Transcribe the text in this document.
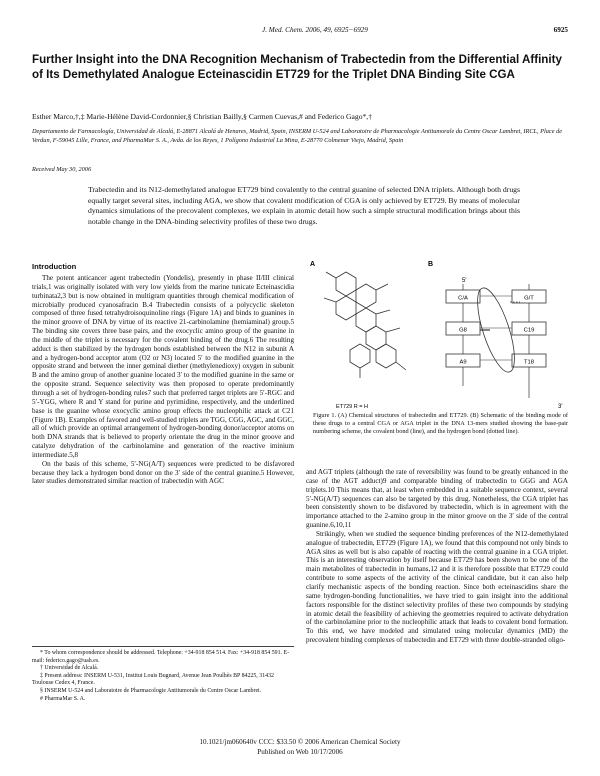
J. Med. Chem. 2006, 49, 6925−6929	6925
Further Insight into the DNA Recognition Mechanism of Trabectedin from the Differential Affinity of Its Demethylated Analogue Ecteinascidin ET729 for the Triplet DNA Binding Site CGA
Esther Marco,†,‡ Marie-Hélène David-Cordonnier,§ Christian Bailly,§ Carmen Cuevas,# and Federico Gago*,†
Departamento de Farmacología, Universidad de Alcalá, E-28871 Alcalá de Henares, Madrid, Spain, INSERM U-524 and Laboratoire de Pharmacologie Antitumorale du Centre Oscar Lambret, IRCL, Place de Verdun, F-59045 Lille, France, and PharmaMar S. A., Avda. de los Reyes, 1 Polígono Industrial La Mina, E-28770 Colmenar Viejo, Madrid, Spain
Received May 30, 2006
Trabectedin and its N12-demethylated analogue ET729 bind covalently to the central guanine of selected DNA triplets. Although both drugs equally target several sites, including AGA, we show that covalent modification of CGA is only achieved by ET729. By means of molecular dynamics simulations of the precovalent complexes, we explain in atomic detail how such a simple structural modification brings about this notable change in the DNA-binding selectivity profiles of these two drugs.
Introduction

The potent anticancer agent trabectedin (Yondelis), presently in phase II/III clinical trials,1 was originally isolated with very low yields from the marine tunicate Ecteinascidia turbinata2,3 but is now obtained in multigram quantities through chemical modification of microbially produced cyanosafracin B.4 Trabectedin consists of a polycyclic skeleton composed of three fused tetrahydroisoquinoline rings (Figure 1A) and binds to guanines in the minor groove of DNA by virtue of its reactive 21-carbinolamine (hemiaminal) group.5 The binding site covers three base pairs, and the exocyclic amino group of the guanine in the middle of the triplet is necessary for the covalent binding of the drug.6 The resulting adduct is then stabilized by the hydrogen bonds established between the N12 in subunit A and a hydrogen-bond acceptor atom (O2 or N3) located 5′ to the modified guanine in the opposite strand and between the inner geminal diether (methylenedioxy) oxygen in subunit B and the amino group of another guanine located 3′ to the modified guanine in the same or the opposite strand. Sequence selectivity was then proposed to operate predominantly through a set of hydrogen-bonding rules7 such that preferred target triplets are 5′-RGC and 5′-YGG, where R and Y stand for purine and pyrimidine, respectively, and the underlined base is the guanine whose exocyclic amino group effects the nucleophilic attack at C21 (Figure 1B). Examples of favored and well-studied triplets are TGG, CGG, AGC, and GGC, all of which provide an optimal arrangement of hydrogen-bonding donor/acceptor atoms on both DNA strands that is believed to properly orientate the drug in the minor groove and catalyze dehydration of the carbinolamine and generation of the reactive iminium intermediate.5,8

On the basis of this scheme, 5′-NG(A/T) sequences were predicted to be disfavored because they lack a hydrogen bond donor on the 3′ side of the central guanine.5 However, later studies demonstrated similar reaction of trabectedin with AGC

* To whom correspondence should be addressed. Telephone: +34-918 854 514. Fax: +34-918 854 591. E-mail: federico.gago@uah.es.
† Universidad de Alcalá.
‡ Present address: INSERM U-531, Institut Louis Bugnard, Avenue Jean Poulhès BP 84225, 31432 Toulouse Cedex 4, France.
§ INSERM U-524 and Laboratoire de Pharmacologie Antitumorale du Centre Oscar Lambret.
# PharmaMar S. A.
A	B
ET729 R = H
5′
3′
C/A	G/T
G8	C19
A9	T18
Figure 1. (A) Chemical structures of trabectedin and ET729. (B) Schematic of the binding mode of these drugs to a central CGA or AGA triplet in the DNA 13-mers studied showing the base-pair numbering scheme, the covalent bond (line), and the hydrogen bond (dotted line).

and AGT triplets (although the rate of reversibility was found to be greatly enhanced in the case of the AGT adduct)9 and comparable binding of trabectedin to GGG and AGA triplets.10 This means that, at least when embedded in a suitable sequence context, several 5′-NG(A/T) sequences can also be targeted by this drug. Nonetheless, the CGA triplet has been consistently shown to be disfavored by trabectedin, which is in agreement with the importance attached to the 2-amino group in the minor groove on the 3′ side of the central guanine.6,10,11

Strikingly, when we studied the sequence binding preferences of the N12-demethylated analogue of trabectedin, ET729 (Figure 1A), we found that this compound not only binds to AGA sites as well but is also capable of reacting with the central guanine in a CGA triplet. This is an interesting observation by itself because ET729 has been shown to be one of the main metabolites of trabectedin in humans,12 and it is therefore possible that ET729 could contribute to some aspects of the activity of the clinical candidate, but it can also help clarify mechanistic aspects of the bonding reaction. Since both ecteinascidins share the same hydrogen-bonding functionalities, we have tried to gain insight into the additional factors responsible for the distinct selectivity profiles of these two compounds by studying in atomic detail the feasibility of achieving the geometries required to activate dehydration of the carbinolamine prior to the nucleophilic attack that leads to covalent bond formation. To this end, we have modeled and simulated using molecular dynamics (MD) the precovalent binding complexes of trabectedin and ET729 with three double-stranded oligo-

10.1021/jm060640v CCC: $33.50 © 2006 American Chemical Society
Published on Web 10/17/2006
